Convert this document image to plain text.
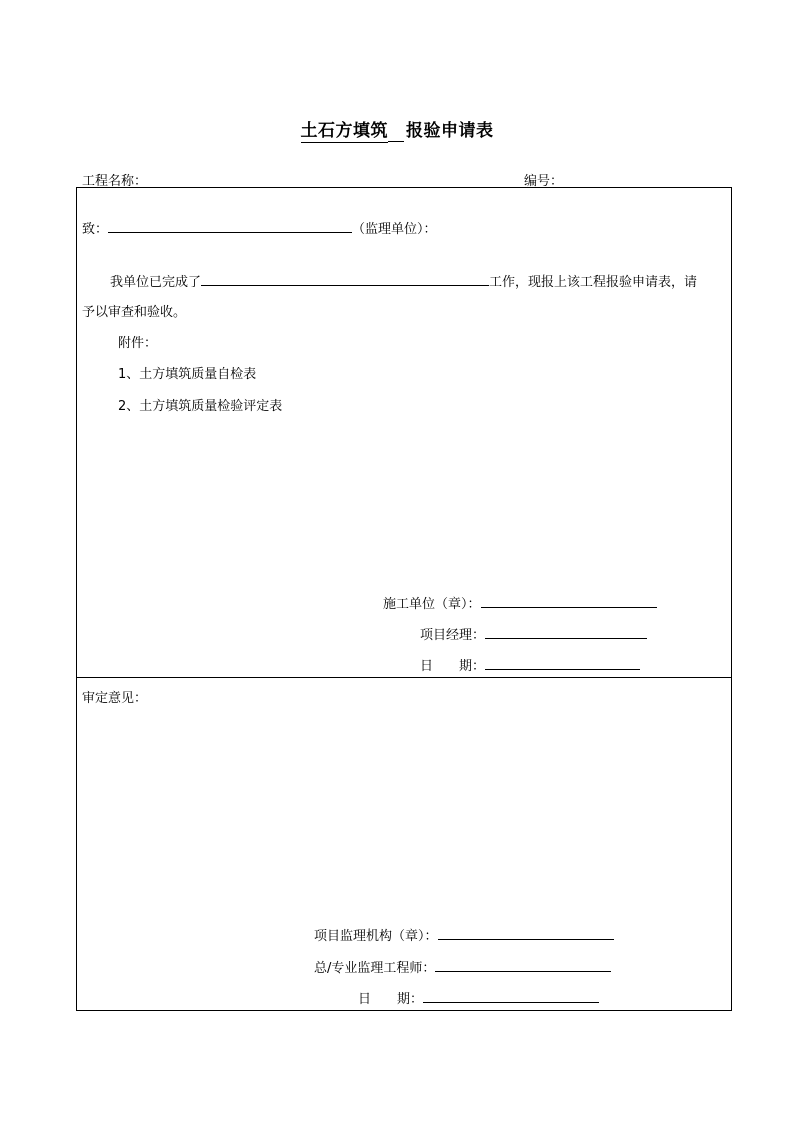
土石方填筑 报验申请表
工程名称：	编号：
致：	（监理单位）：
我单位已完成了	工作，现报上该工程报验申请表，请
予以审查和验收。
附件：
1、土方填筑质量自检表
2、土方填筑质量检验评定表
施工单位（章）：
项目经理：
日　　期：
审定意见：
项目监理机构（章）：
总/专业监理工程师：
日　　期：
